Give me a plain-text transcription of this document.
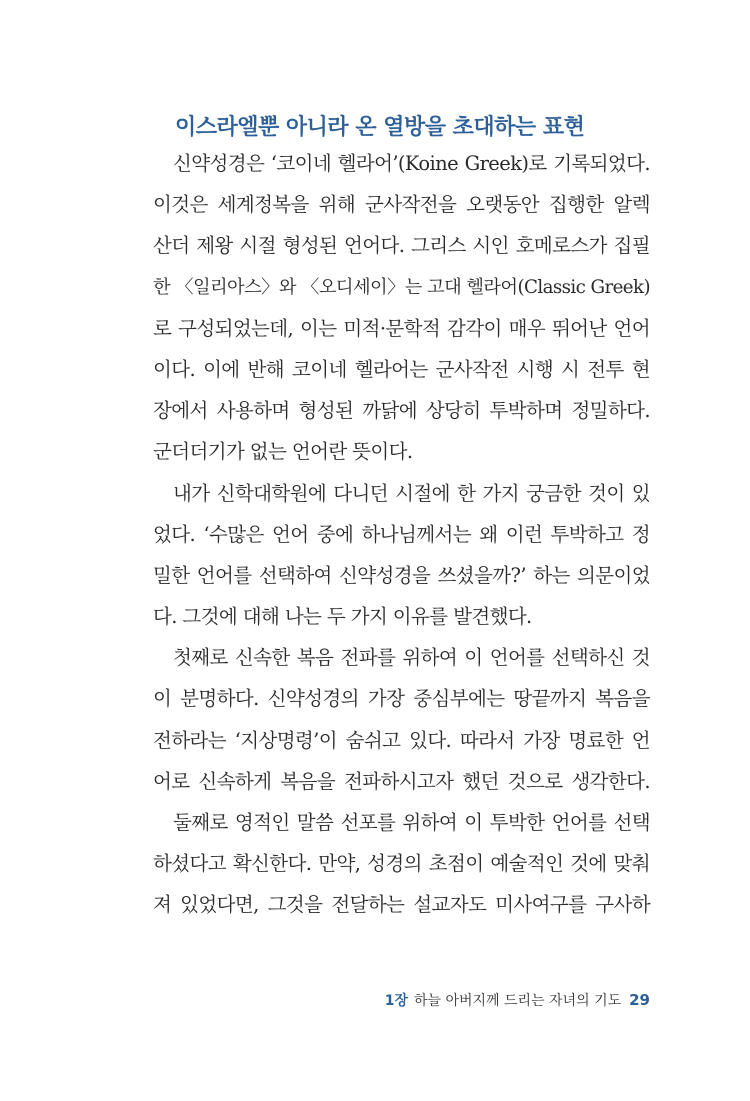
이스라엘뿐 아니라 온 열방을 초대하는 표현
신약성경은 ‘코이네 헬라어’(Koine Greek)로 기록되었다.
이것은 세계정복을 위해 군사작전을 오랫동안 집행한 알렉
산더 제왕 시절 형성된 언어다. 그리스 시인 호메로스가 집필
한 〈일리아스〉와 〈오디세이〉는 고대 헬라어(Classic Greek)
로 구성되었는데, 이는 미적·문학적 감각이 매우 뛰어난 언어
이다. 이에 반해 코이네 헬라어는 군사작전 시행 시 전투 현
장에서 사용하며 형성된 까닭에 상당히 투박하며 정밀하다.
군더더기가 없는 언어란 뜻이다.
내가 신학대학원에 다니던 시절에 한 가지 궁금한 것이 있
었다. ‘수많은 언어 중에 하나님께서는 왜 이런 투박하고 정
밀한 언어를 선택하여 신약성경을 쓰셨을까?’ 하는 의문이었
다. 그것에 대해 나는 두 가지 이유를 발견했다.
첫째로 신속한 복음 전파를 위하여 이 언어를 선택하신 것
이 분명하다. 신약성경의 가장 중심부에는 땅끝까지 복음을
전하라는 ‘지상명령’이 숨쉬고 있다. 따라서 가장 명료한 언
어로 신속하게 복음을 전파하시고자 했던 것으로 생각한다.
둘째로 영적인 말씀 선포를 위하여 이 투박한 언어를 선택
하셨다고 확신한다. 만약, 성경의 초점이 예술적인 것에 맞춰
져 있었다면, 그것을 전달하는 설교자도 미사여구를 구사하
1장 하늘 아버지께 드리는 자녀의 기도 29
